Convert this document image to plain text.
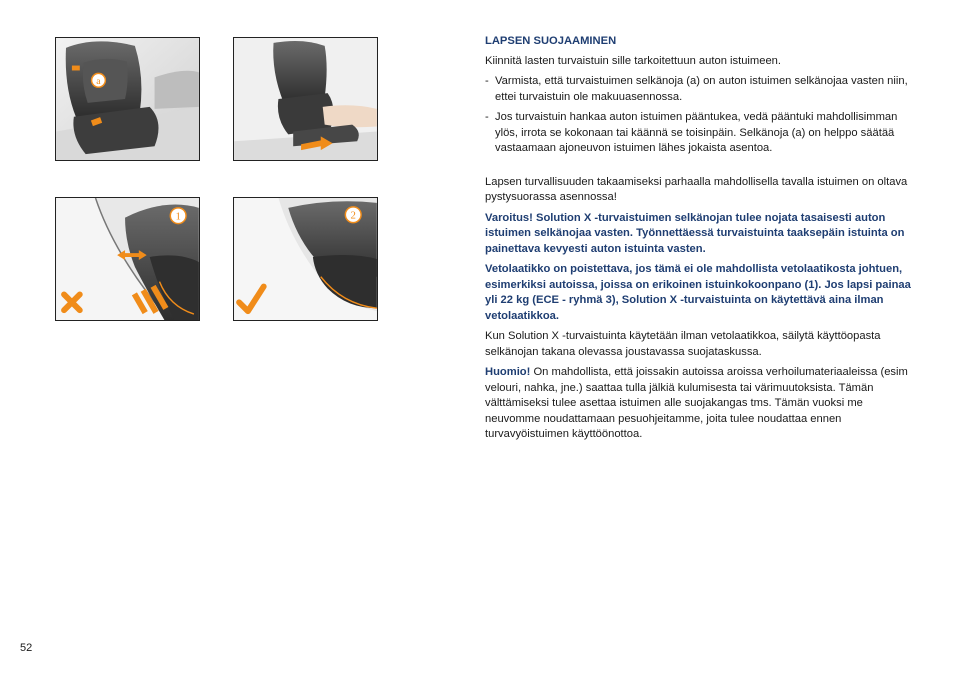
a
1	2
LAPSEN SUOJAAMINEN

Kiinnitä lasten turvaistuin sille tarkoitettuun auton istuimeen.

- Varmista, että turvaistuimen selkänoja (a) on auton istuimen selkänojaa vasten niin, ettei turvaistuin ole makuuasennossa.
- Jos turvaistuin hankaa auton istuimen pääntukea, vedä pääntuki mahdollisimman ylös, irrota se kokonaan tai käännä se toisinpäin. Selkänoja (a) on helppo säätää vastaamaan ajoneuvon istuimen lähes jokaista asentoa.

Lapsen turvallisuuden takaamiseksi parhaalla mahdollisella tavalla istuimen on oltava pystysuorassa asennossa!

Varoitus! Solution X -turvaistuimen selkänojan tulee nojata tasaisesti auton istuimen selkänojaa vasten. Työnnettäessä turvaistuinta taaksepäin istuinta on painettava kevyesti auton istuinta vasten.

Vetolaatikko on poistettava, jos tämä ei ole mahdollista vetolaatikosta johtuen, esimerkiksi autoissa, joissa on erikoinen istuinkokoonpano (1). Jos lapsi painaa yli 22 kg (ECE - ryhmä 3), Solution X -turvaistuinta on käytettävä aina ilman vetolaatikkoa.

Kun Solution X -turvaistuinta käytetään ilman vetolaatikkoa, säilytä käyttöopasta selkänojan takana olevassa joustavassa suojataskussa.

Huomio! On mahdollista, että joissakin autoissa aroissa verhoilumateriaaleissa (esim velouri, nahka, jne.) saattaa tulla jälkiä kulumisesta tai värimuutoksista. Tämän välttämiseksi tulee asettaa istuimen alle suojakangas tms. Tämän vuoksi me neuvomme noudattamaan pesuohjeitamme, joita tulee noudattaa ennen turvavyöistuimen käyttöönottoa.

52
